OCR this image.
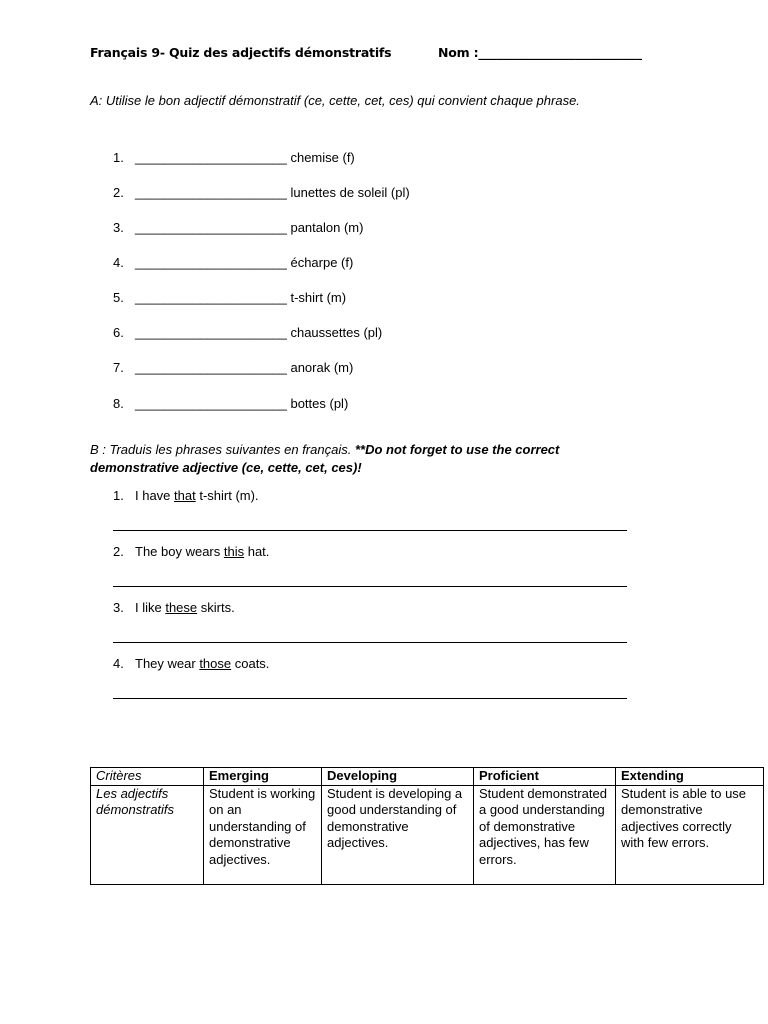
Français 9- Quiz des adjectifs démonstratifs	Nom :___________________________
A: Utilise le bon adjectif démonstratif (ce, cette, cet, ces) qui convient chaque phrase.
1. _____________________ chemise (f)
2. _____________________ lunettes de soleil (pl)
3. _____________________ pantalon (m)
4. _____________________ écharpe (f)
5. _____________________ t-shirt (m)
6. _____________________ chaussettes (pl)
7. _____________________ anorak (m)
8. _____________________ bottes (pl)
B : Traduis les phrases suivantes en français. **Do not forget to use the correct demonstrative adjective (ce, cette, cet, ces)!
1. I have that t-shirt (m).
2. The boy wears this hat.
3. I like these skirts.
4. They wear those coats.
Critères	Emerging	Developing	Proficient	Extending
Les adjectifs démonstratifs	Student is working on an understanding of demonstrative adjectives.	Student is developing a good understanding of demonstrative adjectives.	Student demonstrated a good understanding of demonstrative adjectives, has few errors.	Student is able to use demonstrative adjectives correctly with few errors.
